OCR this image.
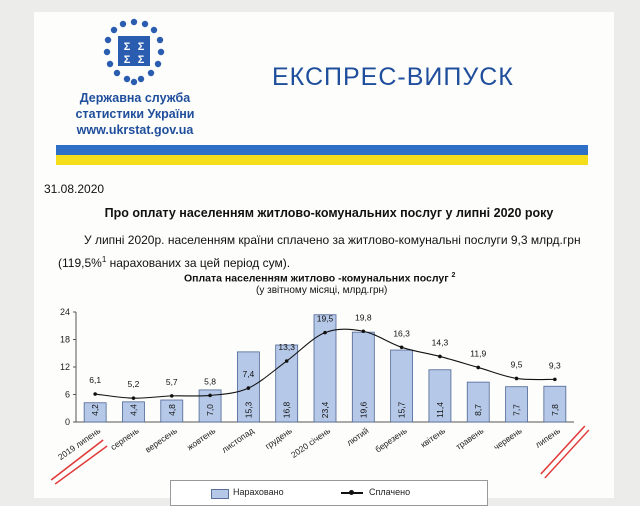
Σ Σ
Σ Σ
Державна служба
статистики України
www.ukrstat.gov.ua
ЕКСПРЕС-ВИПУСК
31.08.2020
Про оплату населенням житлово-комунальних послуг у липні 2020 року
У липні 2020р. населенням країни сплачено за житлово-комунальні послуги 9,3 млрд.грн
(119,5%$^1$ нарахованих за цей період сум).
Оплата населенням житлово -комунальних послуг $^2$
(у звітному місяці, млрд.грн)
0
6
12
18
24
4,2
6,1
2019 липень
4,4
5,2
серпень
4,8
5,7
вересень
7,0
5,8
жовтень
15,3
7,4
листопад
16,8
13,3
грудень
23,4
19,5
2020 січень
19,6
19,8
лютий
15,7
16,3
березень
11,4
14,3
квітень
8,7
11,9
травень
7,7
9,5
червень
7,8
9,3
липень
Нараховано	Сплачено
